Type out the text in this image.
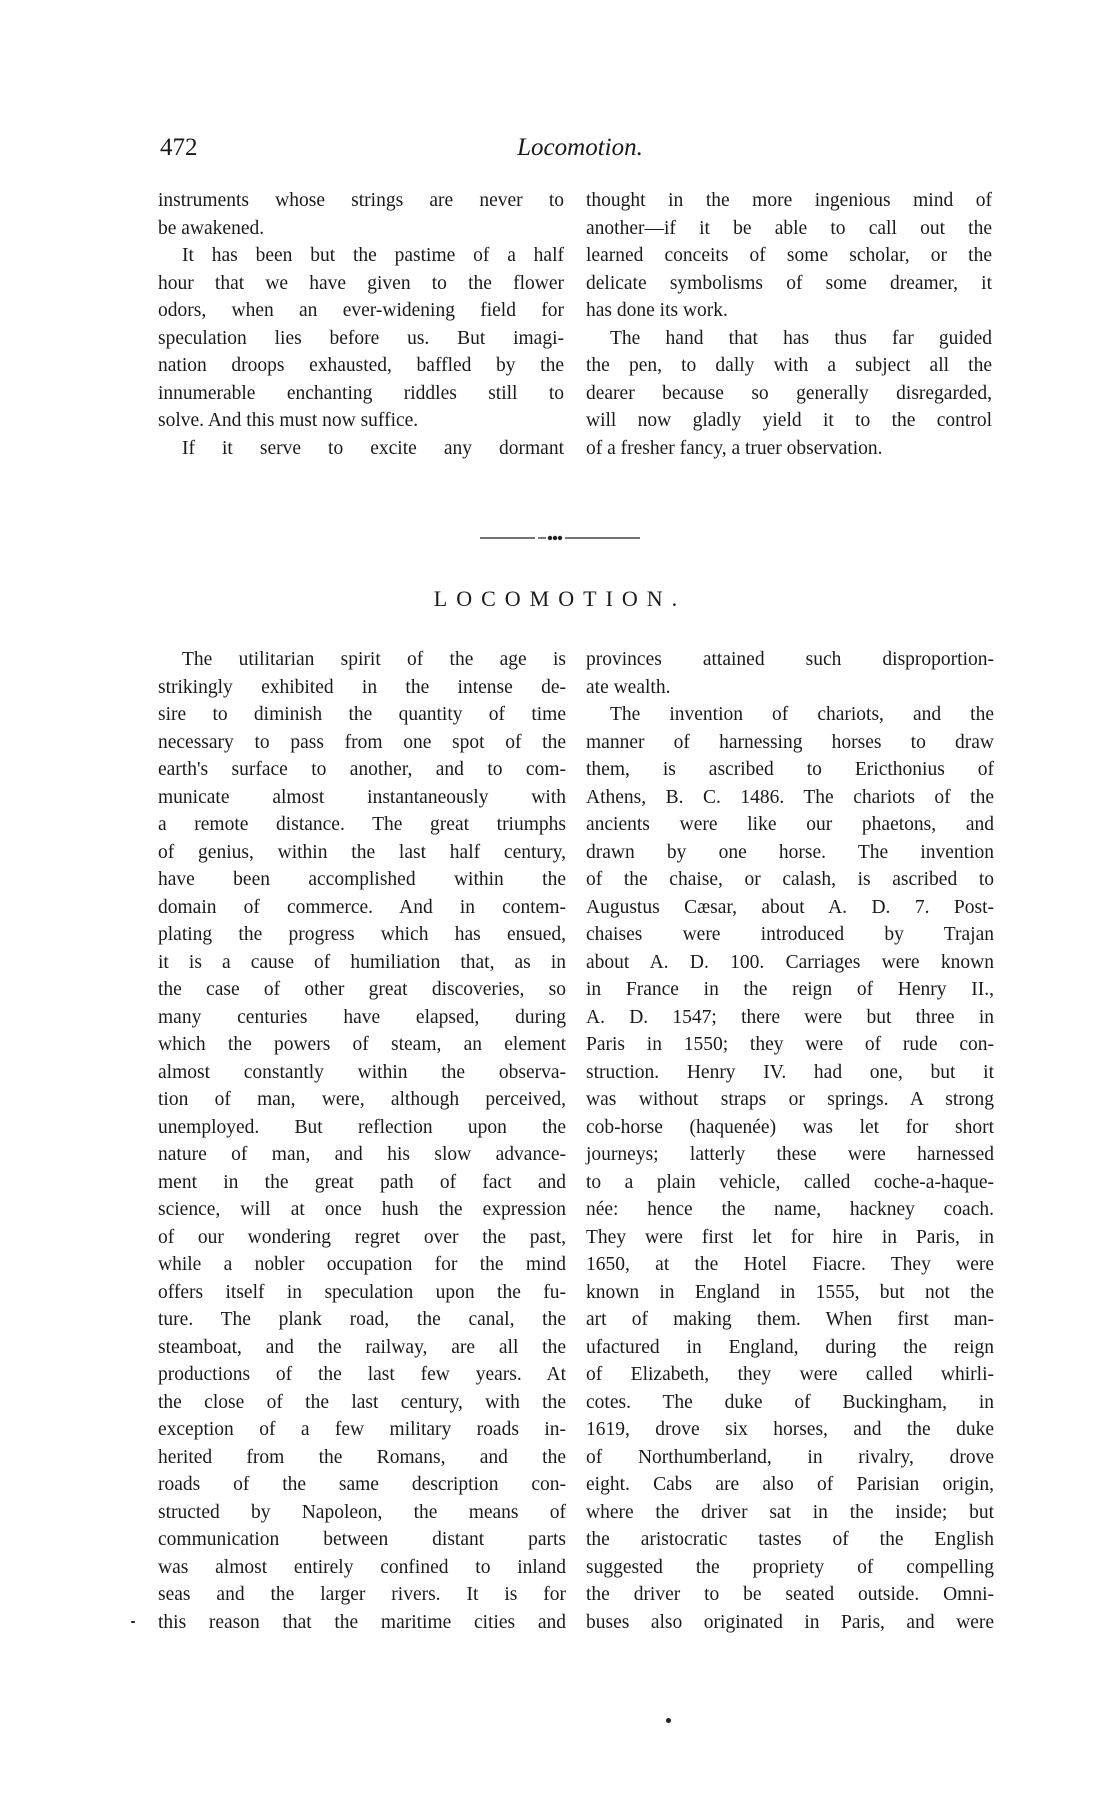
472	Locomotion.
instruments whose strings are never to
be awakened.
It has been but the pastime of a half
hour that we have given to the flower
odors, when an ever-widening field for
speculation lies before us. But imagi-
nation droops exhausted, baffled by the
innumerable enchanting riddles still to
solve. And this must now suffice.
If it serve to excite any dormant
thought in the more ingenious mind of
another—if it be able to call out the
learned conceits of some scholar, or the
delicate symbolisms of some dreamer, it
has done its work.
The hand that has thus far guided
the pen, to dally with a subject all the
dearer because so generally disregarded,
will now gladly yield it to the control
of a fresher fancy, a truer observation.
LOCOMOTION.
The utilitarian spirit of the age is
strikingly exhibited in the intense de-
sire to diminish the quantity of time
necessary to pass from one spot of the
earth's surface to another, and to com-
municate almost instantaneously with
a remote distance. The great triumphs
of genius, within the last half century,
have been accomplished within the
domain of commerce. And in contem-
plating the progress which has ensued,
it is a cause of humiliation that, as in
the case of other great discoveries, so
many centuries have elapsed, during
which the powers of steam, an element
almost constantly within the observa-
tion of man, were, although perceived,
unemployed. But reflection upon the
nature of man, and his slow advance-
ment in the great path of fact and
science, will at once hush the expression
of our wondering regret over the past,
while a nobler occupation for the mind
offers itself in speculation upon the fu-
ture. The plank road, the canal, the
steamboat, and the railway, are all the
productions of the last few years. At
the close of the last century, with the
exception of a few military roads in-
herited from the Romans, and the
roads of the same description con-
structed by Napoleon, the means of
communication between distant parts
was almost entirely confined to inland
seas and the larger rivers. It is for
this reason that the maritime cities and
provinces attained such disproportion-
ate wealth.
The invention of chariots, and the
manner of harnessing horses to draw
them, is ascribed to Ericthonius of
Athens, B. C. 1486. The chariots of the
ancients were like our phaetons, and
drawn by one horse. The invention
of the chaise, or calash, is ascribed to
Augustus Cæsar, about A. D. 7. Post-
chaises were introduced by Trajan
about A. D. 100. Carriages were known
in France in the reign of Henry II.,
A. D. 1547; there were but three in
Paris in 1550; they were of rude con-
struction. Henry IV. had one, but it
was without straps or springs. A strong
cob-horse (haquenée) was let for short
journeys; latterly these were harnessed
to a plain vehicle, called coche-a-haque-
née: hence the name, hackney coach.
They were first let for hire in Paris, in
1650, at the Hotel Fiacre. They were
known in England in 1555, but not the
art of making them. When first man-
ufactured in England, during the reign
of Elizabeth, they were called whirli-
cotes. The duke of Buckingham, in
1619, drove six horses, and the duke
of Northumberland, in rivalry, drove
eight. Cabs are also of Parisian origin,
where the driver sat in the inside; but
the aristocratic tastes of the English
suggested the propriety of compelling
the driver to be seated outside. Omni-
buses also originated in Paris, and were
